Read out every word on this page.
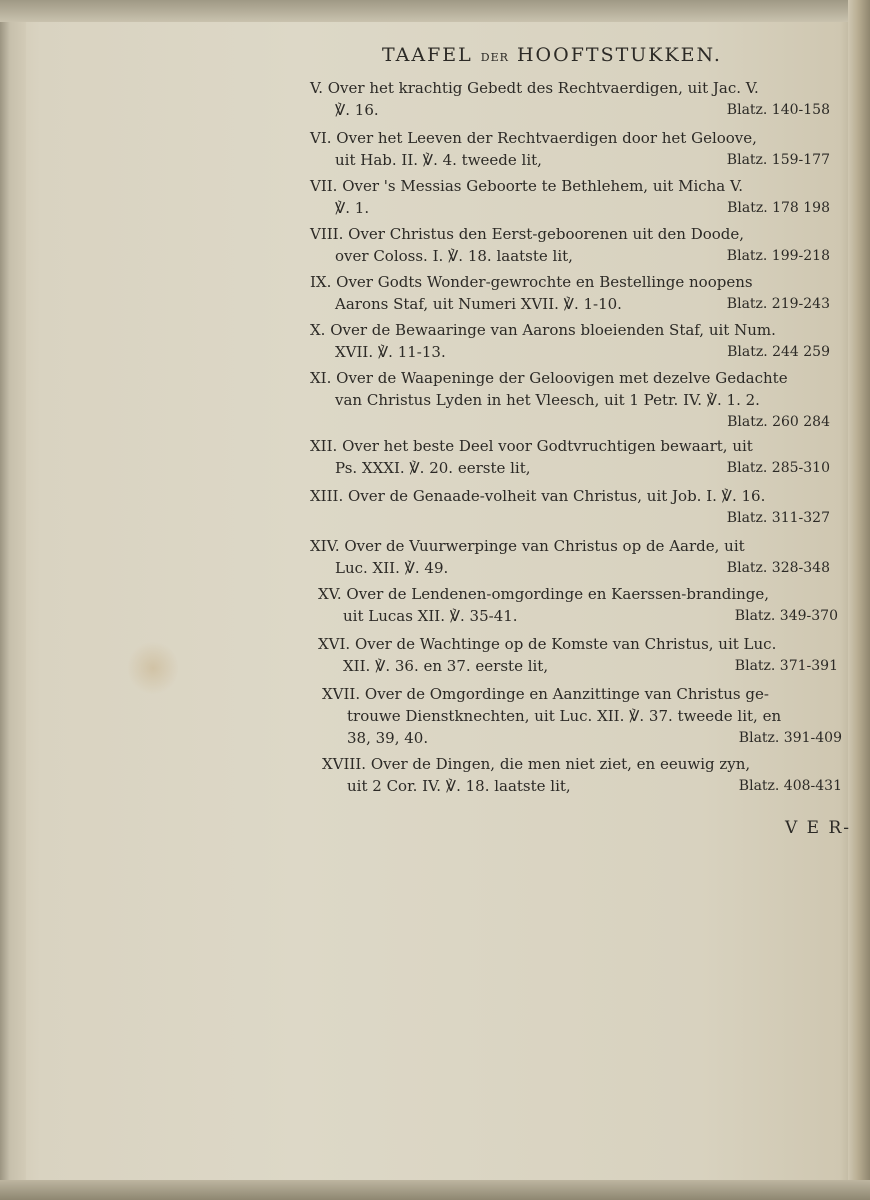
TAAFEL DER HOOFTSTUKKEN.
V. Over het krachtig Gebedt des Rechtvaerdigen, uit Jac. V.
℣. 16.	Blatz. 140-158
VI. Over het Leeven der Rechtvaerdigen door het Geloove,
uit Hab. II. ℣. 4. tweede lit,	Blatz. 159-177
VII. Over 's Messias Geboorte te Bethlehem, uit Micha V.
℣. 1.	Blatz. 178 198
VIII. Over Christus den Eerst-geboorenen uit den Doode,
over Coloss. I. ℣. 18. laatste lit,	Blatz. 199-218
IX. Over Godts Wonder-gewrochte en Bestellinge noopens
Aarons Staf, uit Numeri XVII. ℣. 1-10.	Blatz. 219-243
X. Over de Bewaaringe van Aarons bloeienden Staf, uit Num.
XVII. ℣. 11-13.	Blatz. 244 259
XI. Over de Waapeninge der Geloovigen met dezelve Gedachte
van Christus Lyden in het Vleesch, uit 1 Petr. IV. ℣. 1. 2.
Blatz. 260 284
XII. Over het beste Deel voor Godtvruchtigen bewaart, uit
Ps. XXXI. ℣. 20. eerste lit,	Blatz. 285-310
XIII. Over de Genaade-volheit van Christus, uit Job. I. ℣. 16.
Blatz. 311-327
XIV. Over de Vuurwerpinge van Christus op de Aarde, uit
Luc. XII. ℣. 49.	Blatz. 328-348
XV. Over de Lendenen-omgordinge en Kaerssen-brandinge,
uit Lucas XII. ℣. 35-41.	Blatz. 349-370
XVI. Over de Wachtinge op de Komste van Christus, uit Luc.
XII. ℣. 36. en 37. eerste lit,	Blatz. 371-391
XVII. Over de Omgordinge en Aanzittinge van Christus ge-
trouwe Dienstknechten, uit Luc. XII. ℣. 37. tweede lit, en
38, 39, 40.	Blatz. 391-409
XVIII. Over de Dingen, die men niet ziet, en eeuwig zyn,
uit 2 Cor. IV. ℣. 18. laatste lit,	Blatz. 408-431
V E R-
